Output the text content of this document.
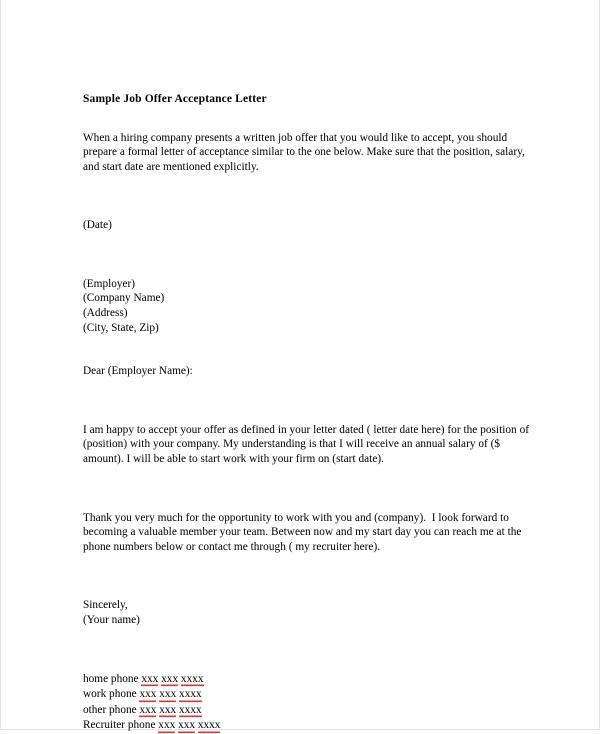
Sample Job Offer Acceptance Letter

When a hiring company presents a written job offer that you would like to accept, you should prepare a formal letter of acceptance similar to the one below. Make sure that the position, salary, and start date are mentioned explicitly.

(Date)
(Employer)
(Company Name)
(Address)
(City, State, Zip)
Dear (Employer Name):

I am happy to accept your offer as defined in your letter dated ( letter date here) for the position of (position) with your company. My understanding is that I will receive an annual salary of ($ amount). I will be able to start work with your firm on (start date).

Thank you very much for the opportunity to work with you and (company).  I look forward to becoming a valuable member your team. Between now and my start day you can reach me at the phone numbers below or contact me through ( my recruiter here).

Sincerely,
(Your name)
home phone xxx xxx xxxx
work phone xxx xxx xxxx
other phone xxx xxx xxxx
Recruiter phone xxx xxx xxxx
